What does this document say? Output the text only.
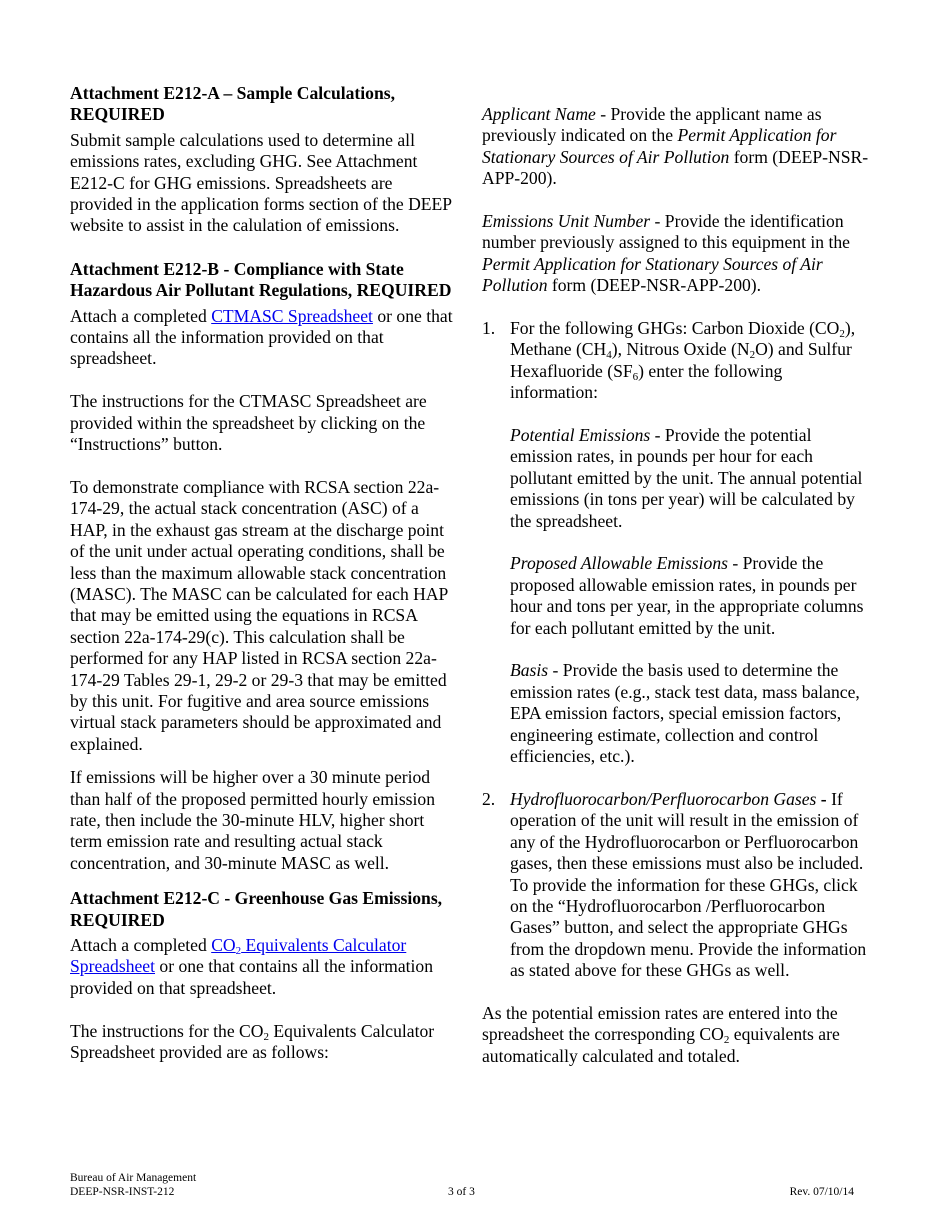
Attachment E212-A – Sample Calculations, REQUIRED

Submit sample calculations used to determine all emissions rates, excluding GHG. See Attachment E212-C for GHG emissions. Spreadsheets are provided in the application forms section of the DEEP website to assist in the calulation of emissions.

Attachment E212-B - Compliance with State Hazardous Air Pollutant Regulations, REQUIRED

Attach a completed CTMASC Spreadsheet or one that contains all the information provided on that spreadsheet.

The instructions for the CTMASC Spreadsheet are provided within the spreadsheet by clicking on the “Instructions” button.

To demonstrate compliance with RCSA section 22a-174-29, the actual stack concentration (ASC) of a HAP, in the exhaust gas stream at the discharge point of the unit under actual operating conditions, shall be less than the maximum allowable stack concentration (MASC). The MASC can be calculated for each HAP that may be emitted using the equations in RCSA section 22a-174-29(c). This calculation shall be performed for any HAP listed in RCSA section 22a-174-29 Tables 29-1, 29-2 or 29-3 that may be emitted by this unit. For fugitive and area source emissions virtual stack parameters should be approximated and explained.

If emissions will be higher over a 30 minute period than half of the proposed permitted hourly emission rate, then include the 30-minute HLV, higher short term emission rate and resulting actual stack concentration, and 30-minute MASC as well.

Attachment E212-C - Greenhouse Gas Emissions, REQUIRED

Attach a completed $CO_2$ Equivalents Calculator Spreadsheet or one that contains all the information provided on that spreadsheet.

The instructions for the $CO_2$ Equivalents Calculator Spreadsheet provided are as follows:

Applicant Name - Provide the applicant name as previously indicated on the Permit Application for Stationary Sources of Air Pollution form (DEEP-NSR-APP-200).

Emissions Unit Number - Provide the identification number previously assigned to this equipment in the Permit Application for Stationary Sources of Air Pollution form (DEEP-NSR-APP-200).

1. For the following GHGs: Carbon Dioxide $(CO_2)$, Methane $(CH_4)$, Nitrous Oxide $(N_2O)$ and Sulfur Hexafluoride $(SF_6)$ enter the following information:

Potential Emissions - Provide the potential emission rates, in pounds per hour for each pollutant emitted by the unit. The annual potential emissions (in tons per year) will be calculated by the spreadsheet.

Proposed Allowable Emissions - Provide the proposed allowable emission rates, in pounds per hour and tons per year, in the appropriate columns for each pollutant emitted by the unit.

Basis - Provide the basis used to determine the emission rates (e.g., stack test data, mass balance, EPA emission factors, special emission factors, engineering estimate, collection and control efficiencies, etc.).

2. Hydrofluorocarbon/Perfluorocarbon Gases - If operation of the unit will result in the emission of any of the Hydrofluorocarbon or Perfluorocarbon gases, then these emissions must also be included. To provide the information for these GHGs, click on the “Hydrofluorocarbon /Perfluorocarbon Gases” button, and select the appropriate GHGs from the dropdown menu. Provide the information as stated above for these GHGs as well.

As the potential emission rates are entered into the spreadsheet the corresponding $CO_2$ equivalents are automatically calculated and totaled.

Bureau of Air Management
DEEP-NSR-INST-212	Rev. 07/10/14
3 of 3
